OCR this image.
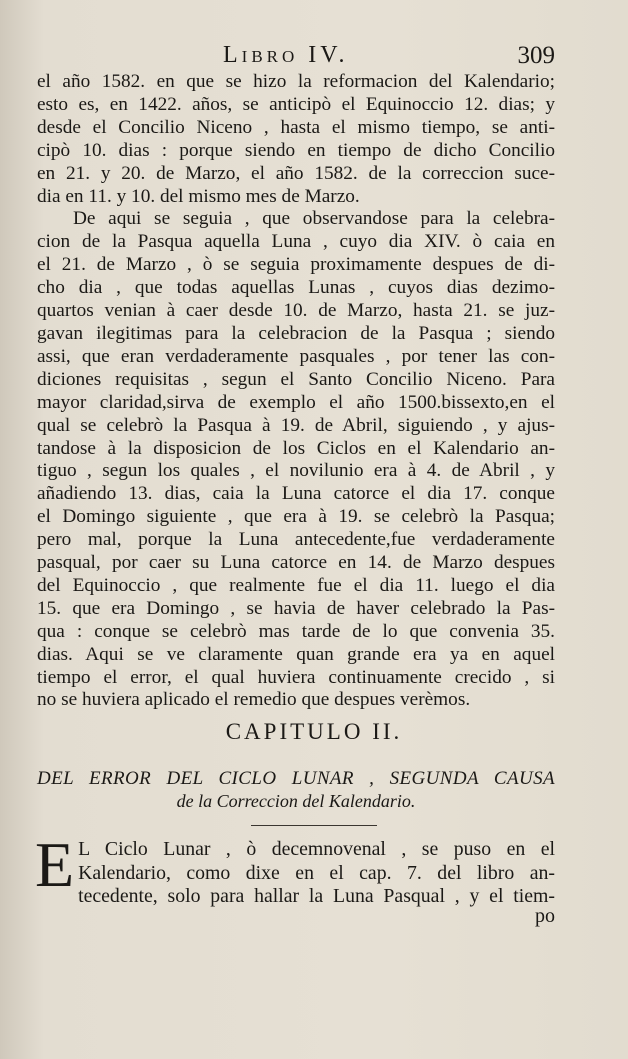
Libro IV.	309

el año 1582. en que se hizo la reformacion del Kalendario;
esto es, en 1422. años, se anticipò el Equinoccio 12. dias; y
desde el Concilio Niceno , hasta el mismo tiempo, se anti-
cipò 10. dias : porque siendo en tiempo de dicho Concilio
en 21. y 20. de Marzo, el año 1582. de la correccion suce-
dia en 11. y 10. del mismo mes de Marzo.

De aqui se seguia , que observandose para la celebra-
cion de la Pasqua aquella Luna , cuyo dia XIV. ò caia en
el 21. de Marzo , ò se seguia proximamente despues de di-
cho dia , que todas aquellas Lunas , cuyos dias dezimo-
quartos venian à caer desde 10. de Marzo, hasta 21. se juz-
gavan ilegitimas para la celebracion de la Pasqua ; siendo
assi, que eran verdaderamente pasquales , por tener las con-
diciones requisitas , segun el Santo Concilio Niceno. Para
mayor claridad,sirva de exemplo el año 1500.bissexto,en el
qual se celebrò la Pasqua à 19. de Abril, siguiendo , y ajus-
tandose à la disposicion de los Ciclos en el Kalendario an-
tiguo , segun los quales , el novilunio era à 4. de Abril , y
añadiendo 13. dias, caia la Luna catorce el dia 17. conque
el Domingo siguiente , que era à 19. se celebrò la Pasqua;
pero mal, porque la Luna antecedente,fue verdaderamente
pasqual, por caer su Luna catorce en 14. de Marzo despues
del Equinoccio , que realmente fue el dia 11. luego el dia
15. que era Domingo , se havia de haver celebrado la Pas-
qua : conque se celebrò mas tarde de lo que convenia 35.
dias. Aqui se ve claramente quan grande era ya en aquel
tiempo el error, el qual huviera continuamente crecido , si
no se huviera aplicado el remedio que despues verèmos.

CAPITULO II.
DEL ERROR DEL CICLO LUNAR , SEGUNDA CAUSA
de la Correccion del Kalendario.
E L Ciclo Lunar , ò decemnovenal , se puso en el
Kalendario, como dixe en el cap. 7. del libro an-
tecedente, solo para hallar la Luna Pasqual , y el tiem-
po
